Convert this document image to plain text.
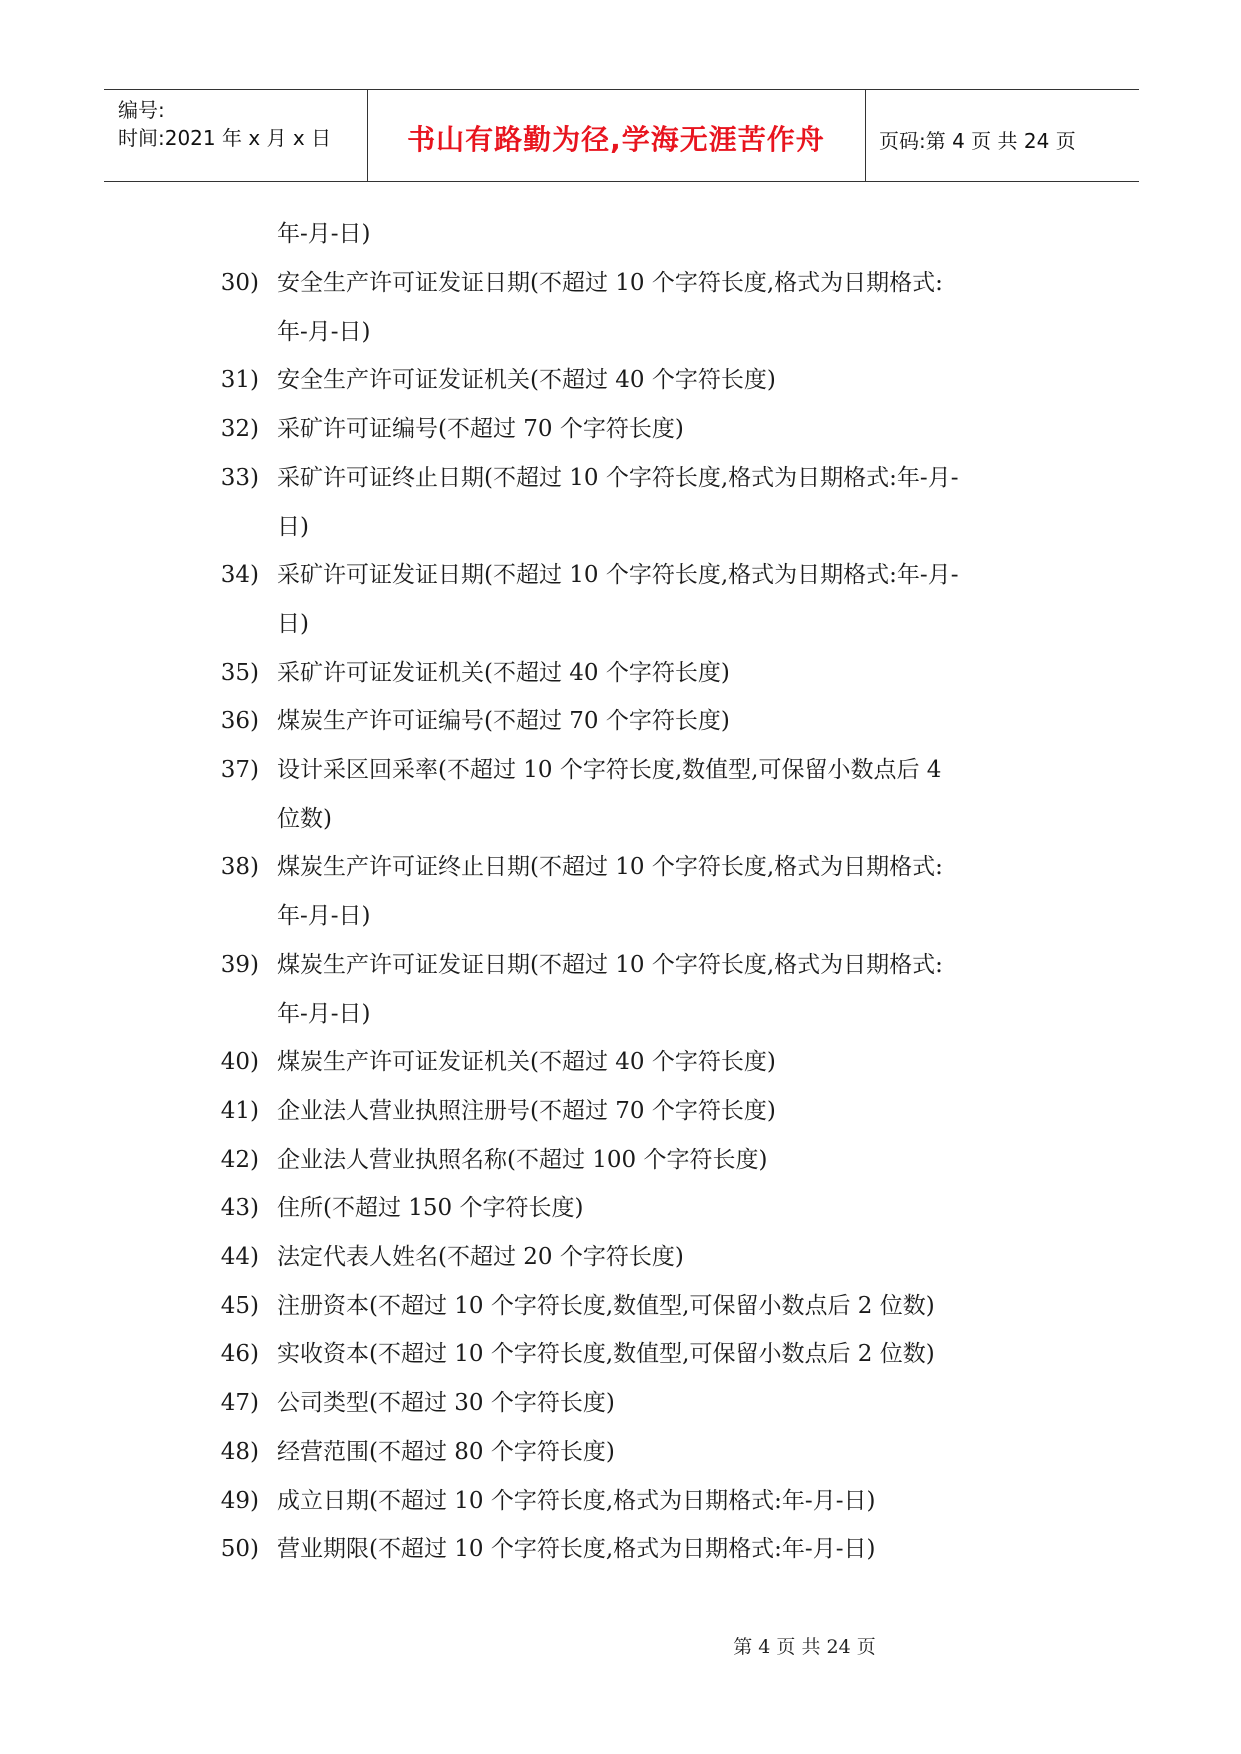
编号:
时间:2021 年 x 月 x 日	书山有路勤为径,学海无涯苦作舟	页码:第 4 页 共 24 页
年-月-日)
30) 安全生产许可证发证日期(不超过 10 个字符长度,格式为日期格式:
年-月-日)
31) 安全生产许可证发证机关(不超过 40 个字符长度)
32) 采矿许可证编号(不超过 70 个字符长度)
33) 采矿许可证终止日期(不超过 10 个字符长度,格式为日期格式:年-月-
日)
34) 采矿许可证发证日期(不超过 10 个字符长度,格式为日期格式:年-月-
日)
35) 采矿许可证发证机关(不超过 40 个字符长度)
36) 煤炭生产许可证编号(不超过 70 个字符长度)
37) 设计采区回采率(不超过 10 个字符长度,数值型,可保留小数点后 4
位数)
38) 煤炭生产许可证终止日期(不超过 10 个字符长度,格式为日期格式:
年-月-日)
39) 煤炭生产许可证发证日期(不超过 10 个字符长度,格式为日期格式:
年-月-日)
40) 煤炭生产许可证发证机关(不超过 40 个字符长度)
41) 企业法人营业执照注册号(不超过 70 个字符长度)
42) 企业法人营业执照名称(不超过 100 个字符长度)
43) 住所(不超过 150 个字符长度)
44) 法定代表人姓名(不超过 20 个字符长度)
45) 注册资本(不超过 10 个字符长度,数值型,可保留小数点后 2 位数)
46) 实收资本(不超过 10 个字符长度,数值型,可保留小数点后 2 位数)
47) 公司类型(不超过 30 个字符长度)
48) 经营范围(不超过 80 个字符长度)
49) 成立日期(不超过 10 个字符长度,格式为日期格式:年-月-日)
50) 营业期限(不超过 10 个字符长度,格式为日期格式:年-月-日)
第 4 页 共 24 页
